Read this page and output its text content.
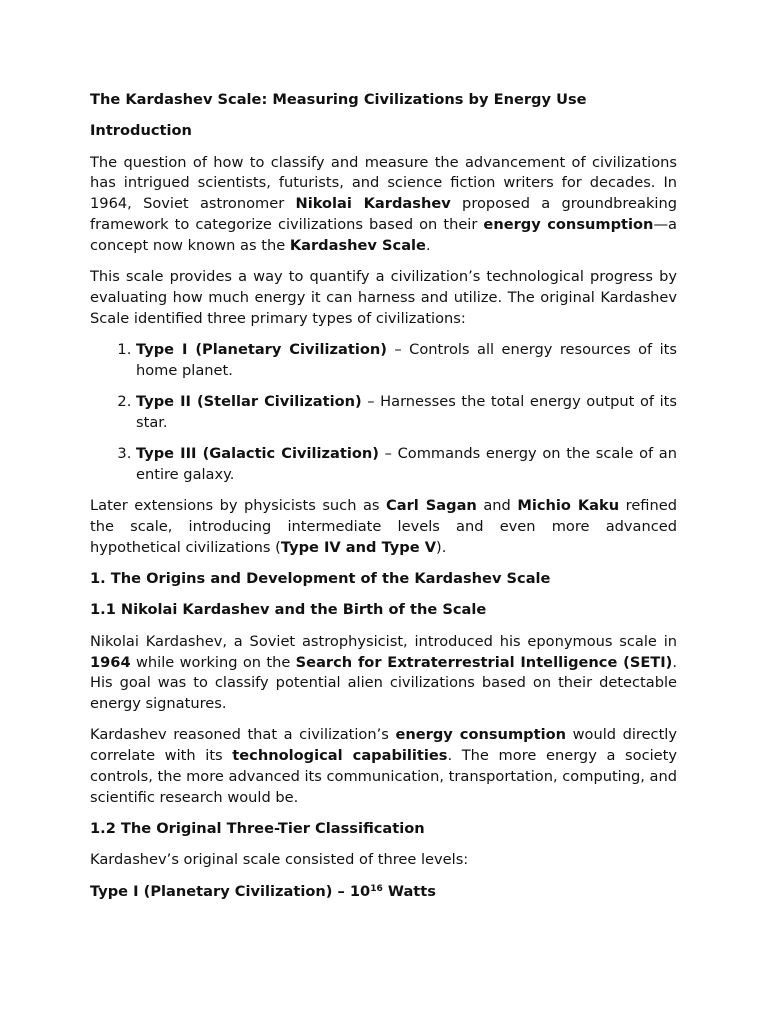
The Kardashev Scale: Measuring Civilizations by Energy Use

Introduction

The question of how to classify and measure the advancement of civilizations has intrigued scientists, futurists, and science fiction writers for decades. In 1964, Soviet astronomer Nikolai Kardashev proposed a groundbreaking framework to categorize civilizations based on their energy consumption—a concept now known as the Kardashev Scale.

This scale provides a way to quantify a civilization’s technological progress by evaluating how much energy it can harness and utilize. The original Kardashev Scale identified three primary types of civilizations:

1. Type I (Planetary Civilization) – Controls all energy resources of its home planet.
2. Type II (Stellar Civilization) – Harnesses the total energy output of its star.
3. Type III (Galactic Civilization) – Commands energy on the scale of an entire galaxy.

Later extensions by physicists such as Carl Sagan and Michio Kaku refined the scale, introducing intermediate levels and even more advanced hypothetical civilizations (Type IV and Type V).

1. The Origins and Development of the Kardashev Scale

1.1 Nikolai Kardashev and the Birth of the Scale

Nikolai Kardashev, a Soviet astrophysicist, introduced his eponymous scale in 1964 while working on the Search for Extraterrestrial Intelligence (SETI). His goal was to classify potential alien civilizations based on their detectable energy signatures.

Kardashev reasoned that a civilization’s energy consumption would directly correlate with its technological capabilities. The more energy a society controls, the more advanced its communication, transportation, computing, and scientific research would be.

1.2 The Original Three-Tier Classification

Kardashev’s original scale consisted of three levels:

Type I (Planetary Civilization) – $10^{16}$ Watts
